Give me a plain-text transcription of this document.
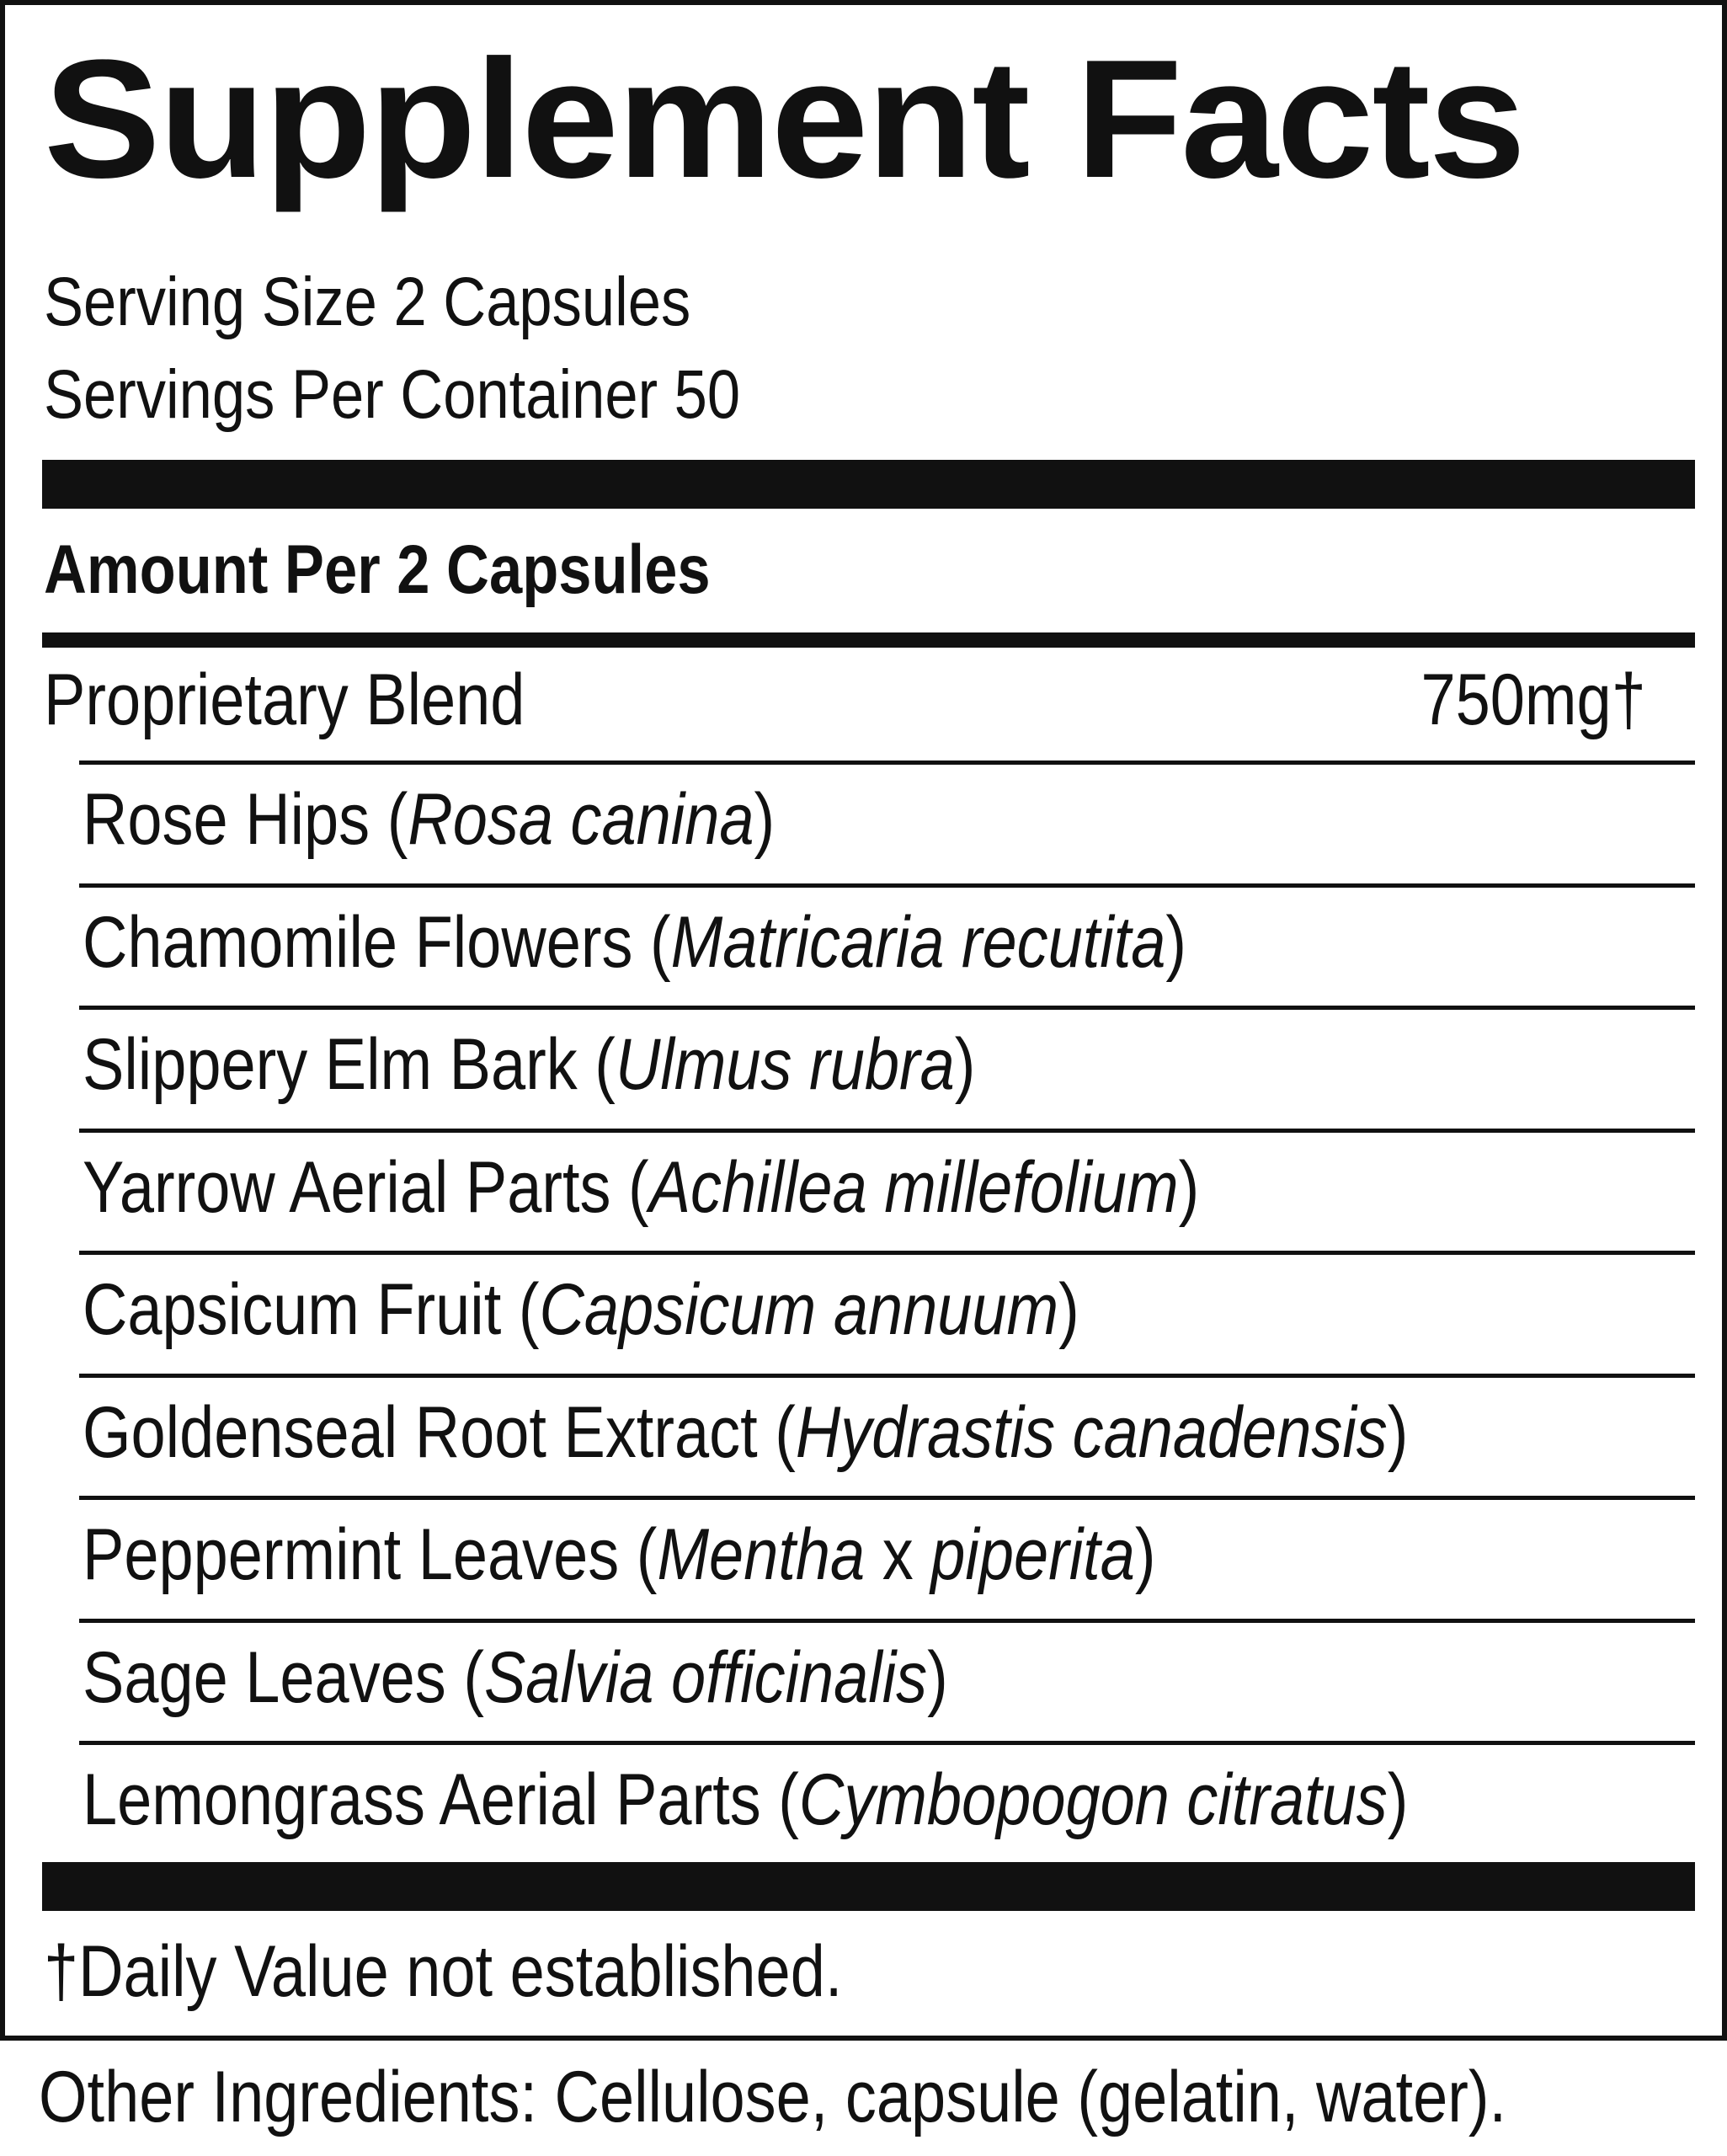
Supplement Facts
Serving Size 2 Capsules
Servings Per Container 50
Amount Per 2 Capsules
Proprietary Blend	750mg†
Rose Hips (Rosa canina)
Chamomile Flowers (Matricaria recutita)
Slippery Elm Bark (Ulmus rubra)
Yarrow Aerial Parts (Achillea millefolium)
Capsicum Fruit (Capsicum annuum)
Goldenseal Root Extract (Hydrastis canadensis)
Peppermint Leaves (Mentha x piperita)
Sage Leaves (Salvia officinalis)
Lemongrass Aerial Parts (Cymbopogon citratus)
†Daily Value not established.
Other Ingredients: Cellulose, capsule (gelatin, water).
